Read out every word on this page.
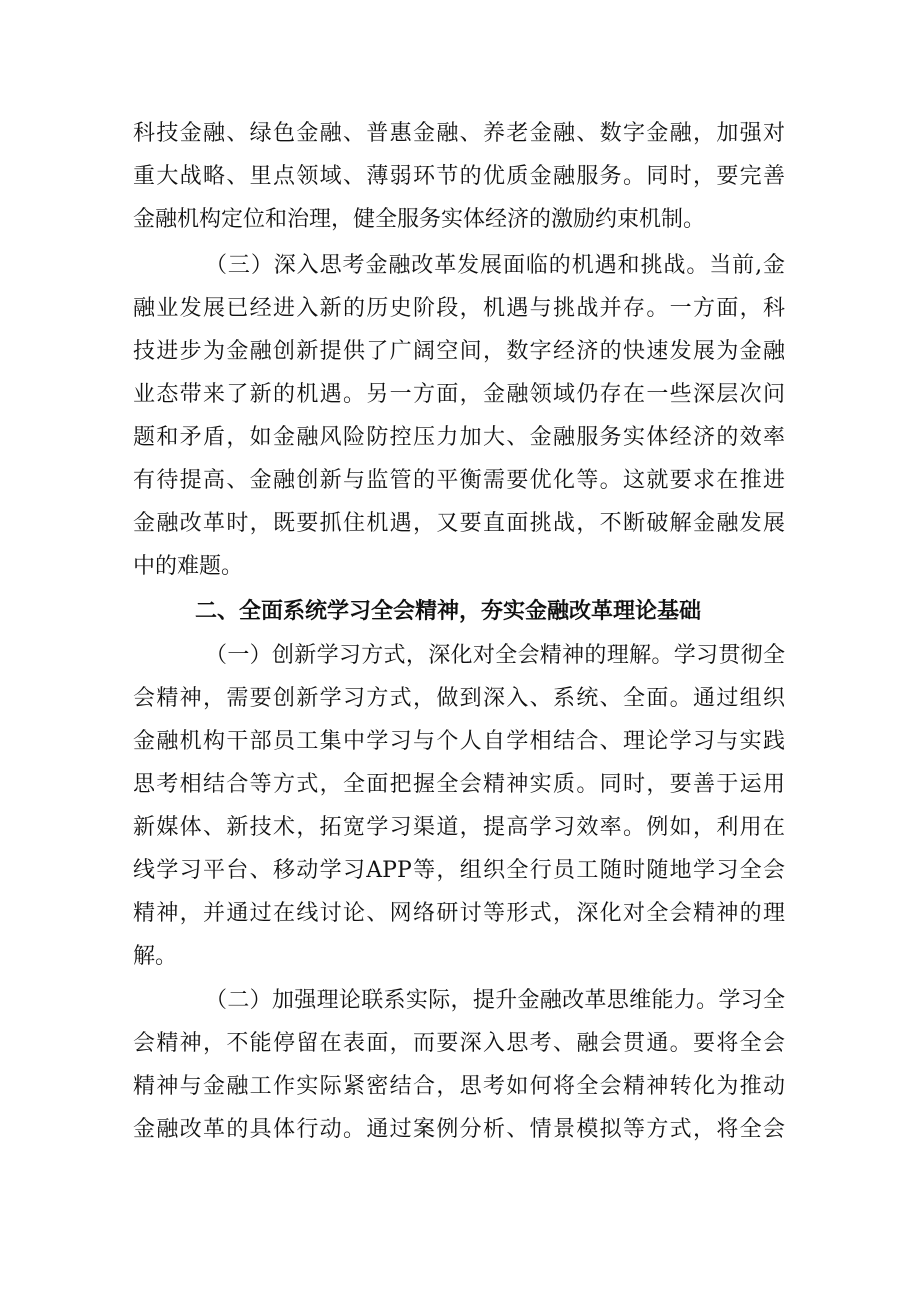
科技金融、绿色金融、普惠金融、养老金融、数字金融，加强对
重大战略、里点领域、薄弱环节的优质金融服务。同时，要完善
金融机构定位和治理，健全服务实体经济的激励约束机制。
（三）深入思考金融改革发展面临的机遇和挑战。当前,金
融业发展已经进入新的历史阶段，机遇与挑战并存。一方面，科
技进步为金融创新提供了广阔空间，数字经济的快速发展为金融
业态带来了新的机遇。另一方面，金融领域仍存在一些深层次问
题和矛盾，如金融风险防控压力加大、金融服务实体经济的效率
有待提高、金融创新与监管的平衡需要优化等。这就要求在推进
金融改革时，既要抓住机遇，又要直面挑战，不断破解金融发展
中的难题。
二、全面系统学习全会精神，夯实金融改革理论基础
（一）创新学习方式，深化对全会精神的理解。学习贯彻全
会精神，需要创新学习方式，做到深入、系统、全面。通过组织
金融机构干部员工集中学习与个人自学相结合、理论学习与实践
思考相结合等方式，全面把握全会精神实质。同时，要善于运用
新媒体、新技术，拓宽学习渠道，提高学习效率。例如，利用在
线学习平台、移动学习APP等，组织全行员工随时随地学习全会
精神，并通过在线讨论、网络研讨等形式，深化对全会精神的理
解。
（二）加强理论联系实际，提升金融改革思维能力。学习全
会精神，不能停留在表面，而要深入思考、融会贯通。要将全会
精神与金融工作实际紧密结合，思考如何将全会精神转化为推动
金融改革的具体行动。通过案例分析、情景模拟等方式，将全会
